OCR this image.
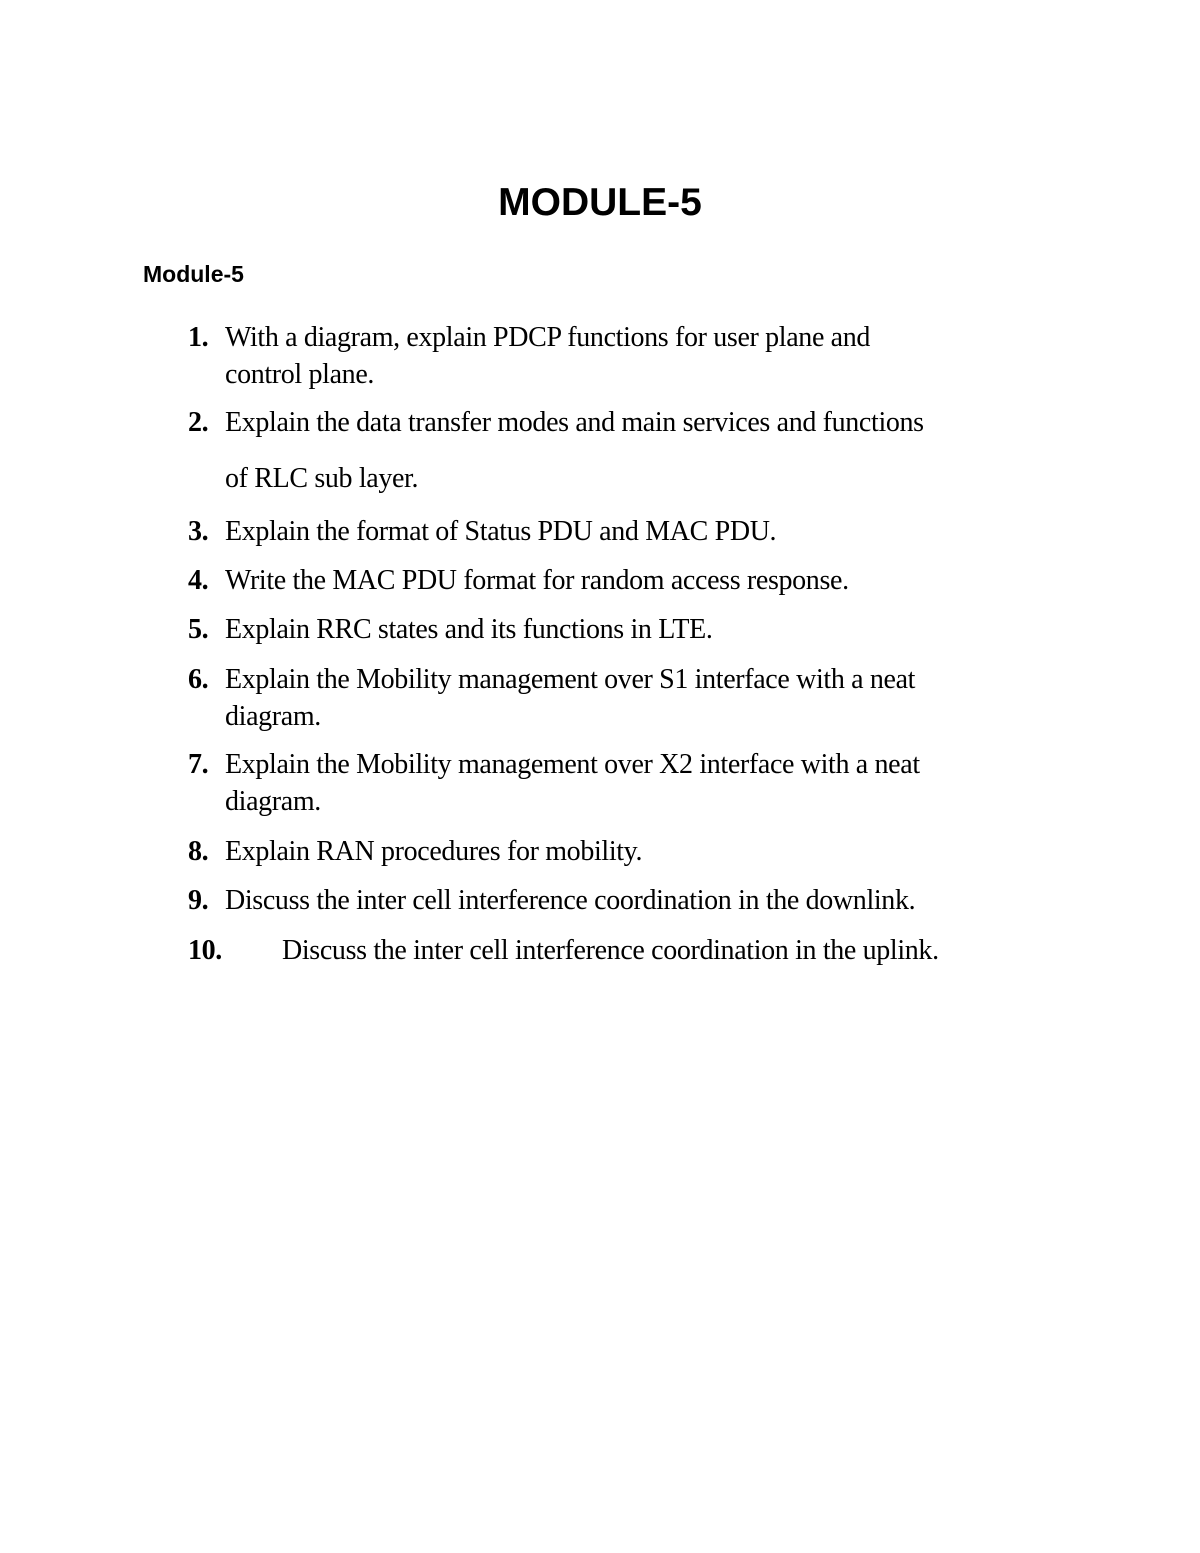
MODULE-5
Module-5
1. With a diagram, explain PDCP functions for user plane and
control plane.
2. Explain the data transfer modes and main services and functions
of RLC sub layer.
3. Explain the format of Status PDU and MAC PDU.
4. Write the MAC PDU format for random access response.
5. Explain RRC states and its functions in LTE.
6. Explain the Mobility management over S1 interface with a neat
diagram.
7. Explain the Mobility management over X2 interface with a neat
diagram.
8. Explain RAN procedures for mobility.
9. Discuss the inter cell interference coordination in the downlink.
10. Discuss the inter cell interference coordination in the uplink.
